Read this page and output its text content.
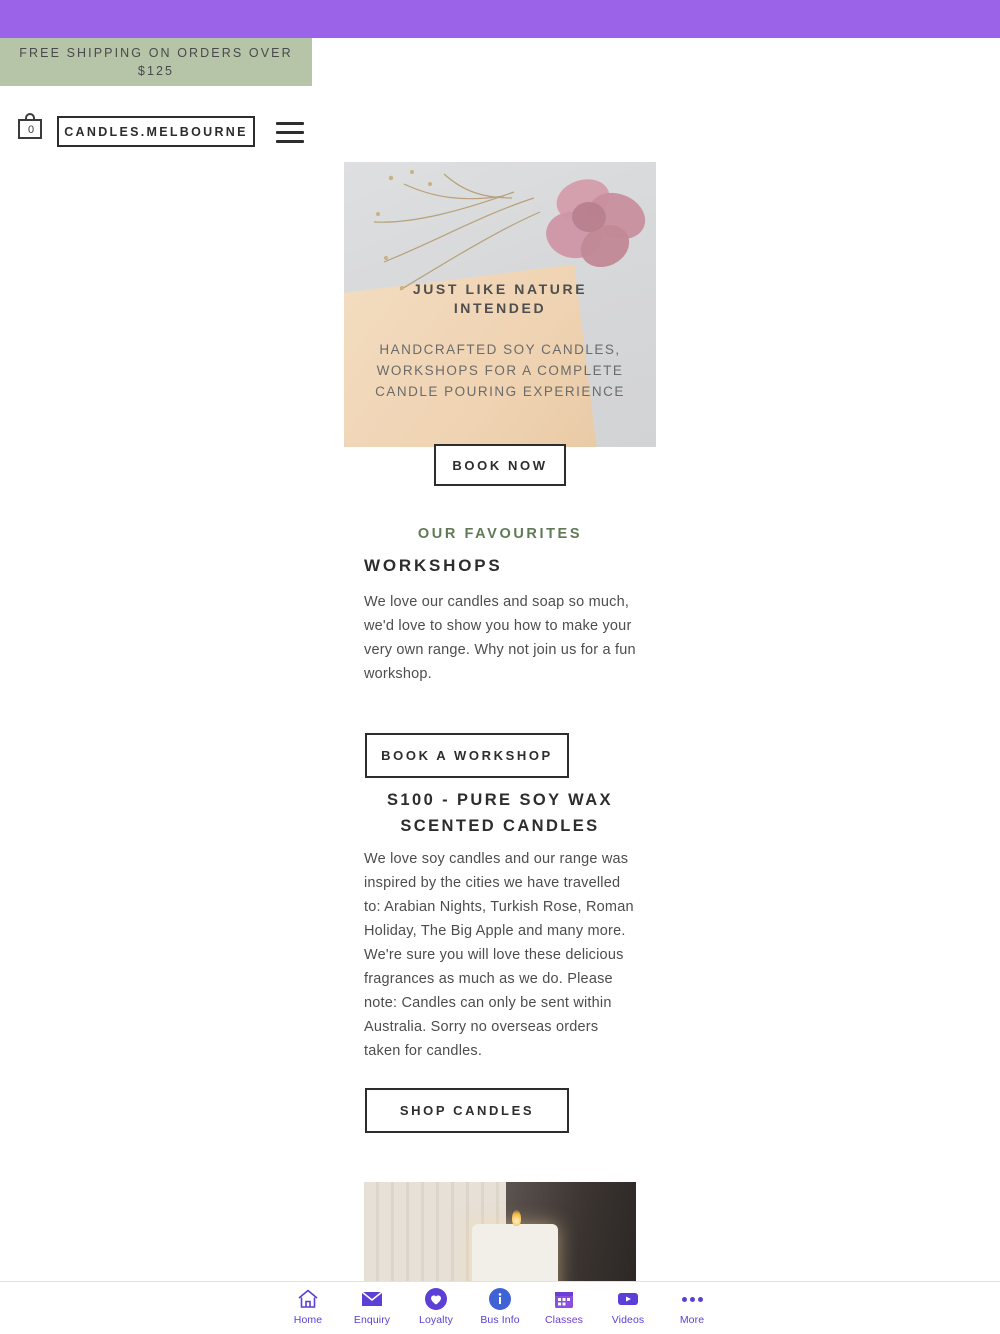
FREE SHIPPING ON ORDERS OVER $125
0	CANDLES.MELBOURNE
JUST LIKE NATURE INTENDED
HANDCRAFTED SOY CANDLES, WORKSHOPS FOR A COMPLETE CANDLE POURING EXPERIENCE
BOOK NOW
OUR FAVOURITES
WORKSHOPS
We love our candles and soap so much, we'd love to show you how to make your very own range. Why not join us for a fun workshop.
BOOK A WORKSHOP
S100 - PURE SOY WAX SCENTED CANDLES
We love soy candles and our range was inspired by the cities we have travelled to: Arabian Nights, Turkish Rose, Roman Holiday, The Big Apple and many more. We're sure you will love these delicious fragrances as much as we do. Please note: Candles can only be sent within Australia. Sorry no overseas orders taken for candles.
SHOP CANDLES
Home	Enquiry	Loyalty	Bus Info Classes	Videos	More
